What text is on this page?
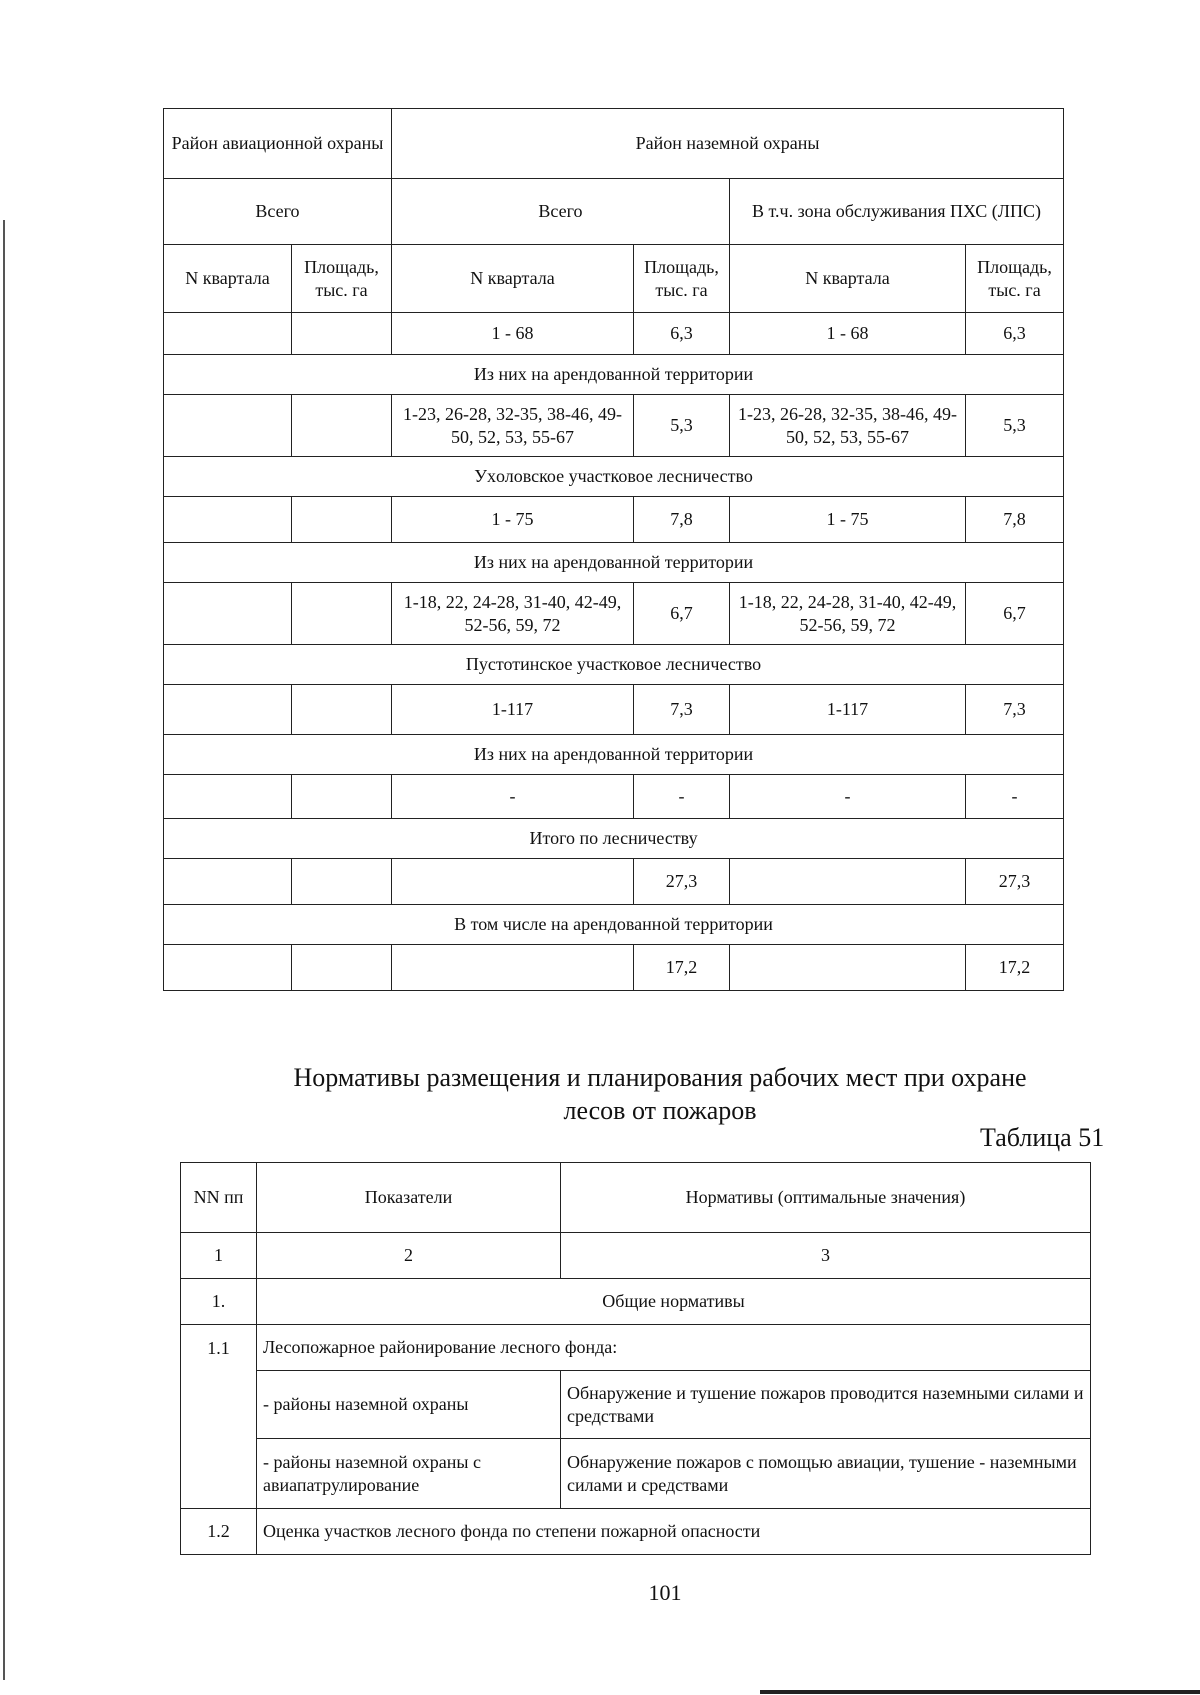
Район авиационной охраны		Район наземной охраны			
Всего		Всего		В т.ч. зона обслуживания ПХС (ЛПС)	
N квартала	Площадь, тыс. га	N квартала	Площадь, тыс. га	N квартала	Площадь, тыс. га
		1 - 68	6,3	1 - 68	6,3
Из них на арендованной территории					
		1-23, 26-28, 32-35, 38-46, 49-50, 52, 53, 55-67	5,3	1-23, 26-28, 32-35, 38-46, 49-50, 52, 53, 55-67	5,3
Уxоловское участковое лесничество					
		1 - 75	7,8	1 - 75	7,8
Из них на арендованной территории					
		1-18, 22, 24-28, 31-40, 42-49, 52-56, 59, 72	6,7	1-18, 22, 24-28, 31-40, 42-49, 52-56, 59, 72	6,7
Пустотинское участковое лесничество					
		1-117	7,3	1-117	7,3
Из них на арендованной территории					
		-	-	-	-
Итого по лесничеству					
			27,3		27,3
В том числе на арендованной территории					
			17,2		17,2
Нормативы размещения и планирования рабочих мест при охране
лесов от пожаров
Таблица 51
NN пп	Показатели	Нормативы (оптимальные значения)
1	2	3
1.	Общие нормативы	
1.1	Лесопожарное районирование лесного фонда:	
	- районы наземной охраны	Обнаружение и тушение пожаров проводится наземными силами и средствами
	- районы наземной охраны с авиапатрулирование	Обнаружение пожаров с помощью авиации, тушение - наземными силами и средствами
1.2	Оценка участков лесного фонда по степени пожарной опасности	
101
